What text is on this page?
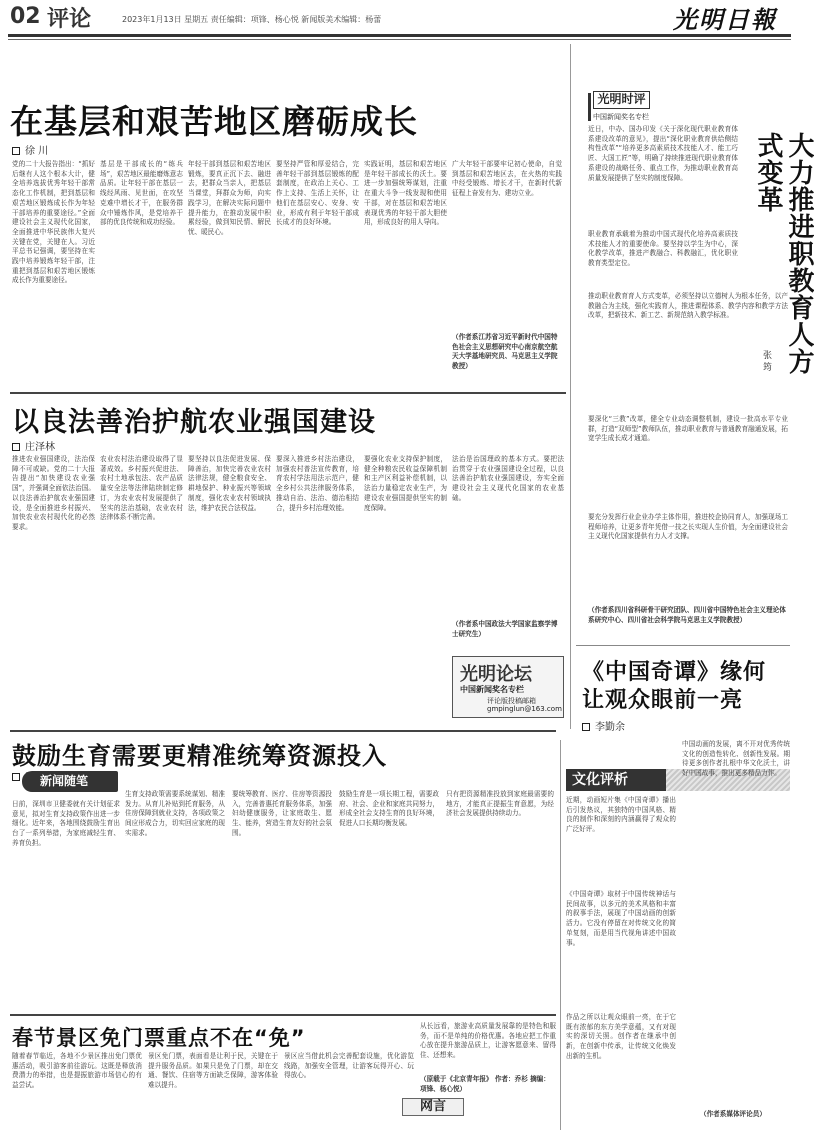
02 评论	2023年1月13日 星期五 责任编辑：项锋、杨心悦 新闻版美术编辑：杨蕾	光明日報
在基层和艰苦地区磨砺成长
徐 川
党的二十大报告指出：“抓好后继有人这个根本大计，健全培养选拔优秀年轻干部常态化工作机制，把到基层和艰苦地区锻炼成长作为年轻干部培养的重要途径。”全面建设社会主义现代化国家，全面推进中华民族伟大复兴关键在党，关键在人。习近平总书记强调，要坚持在实践中培养锻炼年轻干部，注重把到基层和艰苦地区锻炼成长作为重要途径。
基层是干部成长的“练兵场”，艰苦地区最能磨炼意志品质。让年轻干部在基层一线经风雨、见世面，在攻坚克难中增长才干，在服务群众中锤炼作风，是党培养干部的优良传统和成功经验。
年轻干部到基层和艰苦地区锻炼，要真正沉下去、融进去，把群众当亲人，把基层当课堂，拜群众为师，向实践学习，在解决实际问题中提升能力，在推动发展中积累经验，做到知民情、解民忧、暖民心。
要坚持严管和厚爱结合，完善年轻干部到基层锻炼的配套制度，在政治上关心、工作上支持、生活上关怀，让他们在基层安心、安身、安业，形成有利于年轻干部成长成才的良好环境。
实践证明，基层和艰苦地区是年轻干部成长的沃土。要进一步加强统筹谋划，注重在重大斗争一线发现和使用干部，对在基层和艰苦地区表现优秀的年轻干部大胆使用，形成良好的用人导向。
广大年轻干部要牢记初心使命，自觉到基层和艰苦地区去，在火热的实践中经受锻炼、增长才干，在新时代新征程上奋发有为、建功立业。
（作者系江苏省习近平新时代中国特色社会主义思想研究中心南京航空航天大学基地研究员、马克思主义学院教授）
光明时评
中国新闻奖名专栏
大力推进职教育人方式变革
张 筠
近日，中办、国办印发《关于深化现代职业教育体系建设改革的意见》，提出“深化职业教育供给侧结构性改革”“培养更多高素质技术技能人才、能工巧匠、大国工匠”等，明确了持续推进现代职业教育体系建设的战略任务、重点工作，为推动职业教育高质量发展提供了坚实的制度保障。
职业教育承载着为推动中国式现代化培养高素质技术技能人才的重要使命。要坚持以学生为中心，深化教学改革，推进产教融合、科教融汇，优化职业教育类型定位。
推动职业教育育人方式变革，必须坚持以立德树人为根本任务，以产教融合为主线，强化实践育人，推进课程体系、教学内容和教学方法改革，把新技术、新工艺、新规范纳入教学标准。
要深化“三教”改革，健全专业动态调整机制，建设一批高水平专业群，打造“双师型”教师队伍，推动职业教育与普通教育融通发展，拓宽学生成长成才通道。
要充分发挥行业企业办学主体作用，推进校企协同育人，加强现场工程师培养，让更多青年凭借一技之长实现人生价值，为全面建设社会主义现代化国家提供有力人才支撑。
（作者系四川省科研骨干研究团队、四川省中国特色社会主义理论体系研究中心、四川省社会科学院马克思主义学院教授）
以良法善治护航农业强国建设
庄泽林
推进农业强国建设，法治保障不可或缺。党的二十大报告提出“加快建设农业强国”，并强调全面依法治国。以良法善治护航农业强国建设，是全面推进乡村振兴、加快农业农村现代化的必然要求。
农业农村法治建设取得了显著成效。乡村振兴促进法、农村土地承包法、农产品质量安全法等法律陆续制定修订，为农业农村发展提供了坚实的法治基础，农业农村法律体系不断完善。
要坚持以良法促进发展、保障善治，加快完善农业农村法律法规，健全粮食安全、耕地保护、种业振兴等领域制度，强化农业农村领域执法，维护农民合法权益。
要深入推进乡村法治建设，加强农村普法宣传教育，培育农村学法用法示范户，健全乡村公共法律服务体系，推动自治、法治、德治相结合，提升乡村治理效能。
要强化农业支持保护制度，健全种粮农民收益保障机制和主产区利益补偿机制，以法治力量稳定农业生产，为建设农业强国提供坚实的制度保障。
法治是治国理政的基本方式。要把法治贯穿于农业强国建设全过程，以良法善治护航农业强国建设，夯实全面建设社会主义现代化国家的农业基础。
（作者系中国政法大学国家监察学博士研究生）
光明论坛
中国新闻奖名专栏
评论版投稿邮箱
gmpinglun@163.com
《中国奇谭》缘何
让观众眼前一亮
李勤余
文化评析
近期，动画短片集《中国奇谭》播出后引发热议，其独特的中国风格、精良的制作和深刻的内涵赢得了观众的广泛好评。
《中国奇谭》取材于中国传统神话与民间故事，以多元的美术风格和丰富的叙事手法，展现了中国动画的创新活力。它没有停留在对传统文化的简单复刻，而是用当代视角讲述中国故事。
作品之所以让观众眼前一亮，在于它既有浓郁的东方美学意蕴，又有对现实的深切关照。创作者在继承中创新，在创新中传承，让传统文化焕发出新的生机。
中国动画的发展，离不开对优秀传统文化的创造性转化、创新性发展。期待更多创作者扎根中华文化沃土，讲好中国故事，推出更多精品力作。
（作者系媒体评论员）
鼓励生育需要更精准统筹资源投入
新闻随笔
日前，深圳市卫健委就有关计划征求意见，拟对生育支持政策作出进一步细化。近年来，各地围绕鼓励生育出台了一系列举措，为家庭减轻生育、养育负担。
生育支持政策需要系统谋划、精准发力。从育儿补贴到托育服务，从住房保障到就业支持，各项政策之间应形成合力，切实回应家庭的现实需求。
要统筹教育、医疗、住房等资源投入，完善普惠托育服务体系，加强妇幼健康服务，让家庭敢生、愿生、能养，营造生育友好的社会氛围。
鼓励生育是一项长期工程，需要政府、社会、企业和家庭共同努力，形成全社会支持生育的良好环境，促进人口长期均衡发展。
只有把资源精准投放到家庭最需要的地方，才能真正提振生育意愿，为经济社会发展提供持续动力。
春节景区免门票重点不在“免”
随着春节临近，各地不少景区推出免门票优惠活动，吸引游客前往游玩。这既是释放消费潜力的举措，也是提振旅游市场信心的有益尝试。
景区免门票，表面看是让利于民，关键在于提升服务品质。如果只是免了门票，却在交通、餐饮、住宿等方面缺乏保障，游客体验难以提升。
景区应当借此机会完善配套设施，优化游览线路，加强安全管理，让游客玩得开心、玩得放心。
从长远看，旅游业高质量发展靠的是特色和服务，而不是单纯的价格优惠。各地应把工作重心放在提升旅游品质上，让游客愿意来、留得住、还想来。
（原载于《北京青年报》 作者：乔杉 摘编：项锋、杨心悦）
网言
